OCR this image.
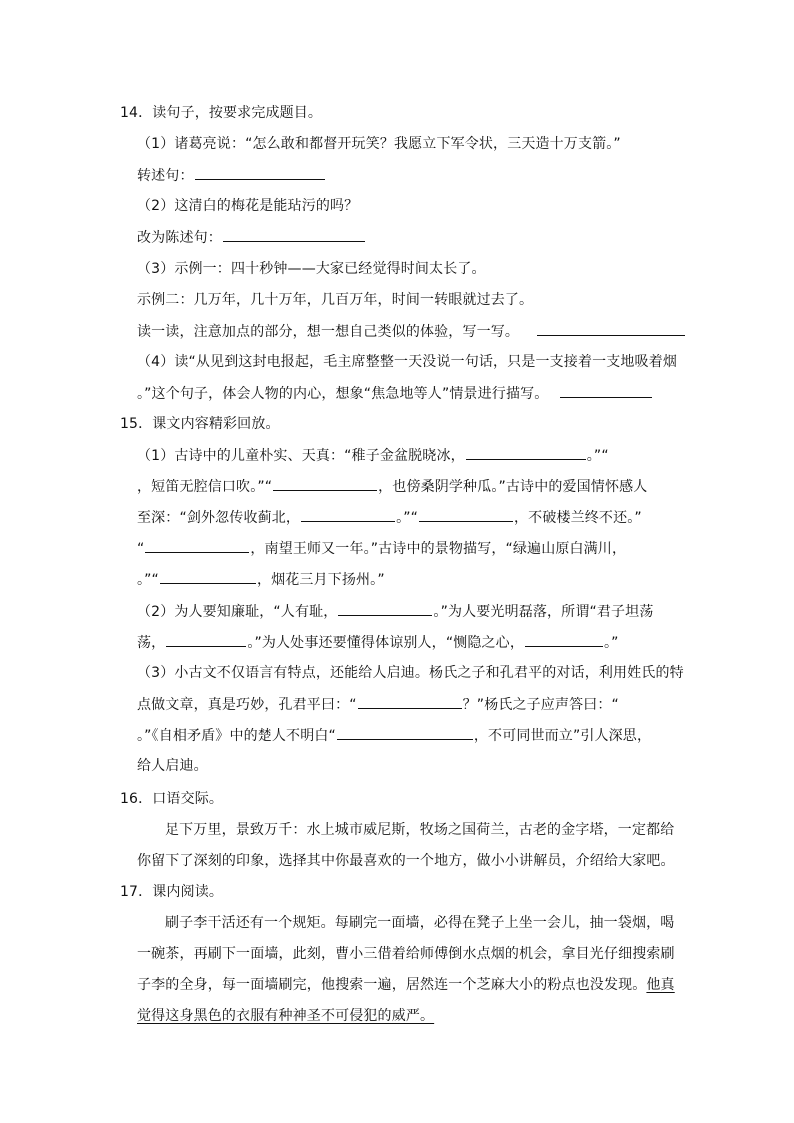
14．读句子，按要求完成题目。
（1）诸葛亮说：“怎么敢和都督开玩笑？我愿立下军令状，三天造十万支箭。”
转述句：
（2）这清白的梅花是能玷污的吗？
改为陈述句：
（3）示例一：四十秒钟——大家已经觉得时间太长了。
示例二：几万年，几十万年，几百万年，时间一转眼就过去了。
读一读，注意加点的部分，想一想自己类似的体验，写一写。
（4）读“从见到这封电报起，毛主席整整一天没说一句话，只是一支接着一支地吸着烟
。”这个句子，体会人物的内心，想象“焦急地等人”情景进行描写。
15．课文内容精彩回放。
（1）古诗中的儿童朴实、天真：“稚子金盆脱晓冰，	。”“
，短笛无腔信口吹。”“	，也傍桑阴学种瓜。”古诗中的爱国情怀感人
至深：“剑外忽传收蓟北，	。”“	，不破楼兰终不还。”
“	，南望王师又一年。”古诗中的景物描写，“绿遍山原白满川，
。”“	，烟花三月下扬州。”
（2）为人要知廉耻，“人有耻，	。”为人要光明磊落，所谓“君子坦荡
荡，	。”为人处事还要懂得体谅别人，“恻隐之心，	。”
（3）小古文不仅语言有特点，还能给人启迪。杨氏之子和孔君平的对话，利用姓氏的特
点做文章，真是巧妙，孔君平曰：“	？”杨氏之子应声答曰：“
。”《自相矛盾》中的楚人不明白“	，不可同世而立”引人深思，
给人启迪。
16．口语交际。
足下万里，景致万千：水上城市威尼斯，牧场之国荷兰，古老的金字塔，一定都给
你留下了深刻的印象，选择其中你最喜欢的一个地方，做小小讲解员，介绍给大家吧。
17．课内阅读。
刷子李干活还有一个规矩。每刷完一面墙，必得在凳子上坐一会儿，抽一袋烟，喝
一碗茶，再刷下一面墙，此刻，曹小三借着给师傅倒水点烟的机会，拿目光仔细搜索刷
子李的全身，每一面墙刷完，他搜索一遍，居然连一个芝麻大小的粉点也没发现。他真
觉得这身黑色的衣服有种神圣不可侵犯的威严。
